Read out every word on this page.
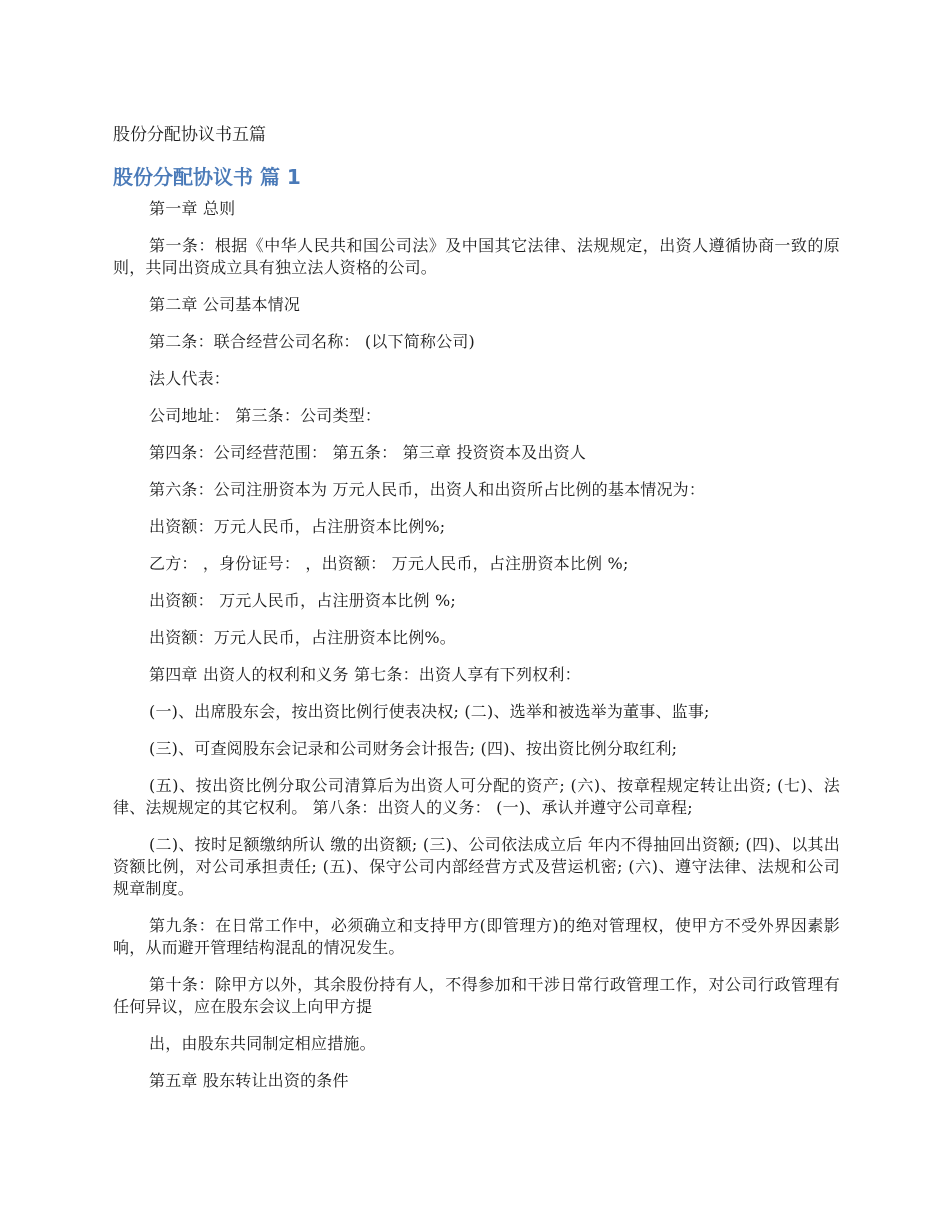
股份分配协议书五篇
股份分配协议书 篇 1

第一章 总则

第一条：根据《中华人民共和国公司法》及中国其它法律、法规规定，出资人遵循协商一致的原则，共同出资成立具有独立法人资格的公司。

第二章 公司基本情况

第二条：联合经营公司名称： (以下简称公司)

法人代表：

公司地址： 第三条：公司类型：

第四条：公司经营范围： 第五条： 第三章 投资资本及出资人

第六条：公司注册资本为 万元人民币，出资人和出资所占比例的基本情况为：

出资额：万元人民币，占注册资本比例%;

乙方： ，身份证号： ，出资额： 万元人民币，占注册资本比例 %;

出资额： 万元人民币，占注册资本比例 %;

出资额：万元人民币，占注册资本比例%。

第四章 出资人的权利和义务 第七条：出资人享有下列权利：

(一)、出席股东会，按出资比例行使表决权; (二)、选举和被选举为董事、监事;

(三)、可查阅股东会记录和公司财务会计报告; (四)、按出资比例分取红利;

(五)、按出资比例分取公司清算后为出资人可分配的资产; (六)、按章程规定转让出资; (七)、法律、法规规定的其它权利。 第八条：出资人的义务： (一)、承认并遵守公司章程;

(二)、按时足额缴纳所认 缴的出资额; (三)、公司依法成立后 年内不得抽回出资额; (四)、以其出资额比例，对公司承担责任; (五)、保守公司内部经营方式及营运机密; (六)、遵守法律、法规和公司规章制度。

第九条：在日常工作中，必须确立和支持甲方(即管理方)的绝对管理权，使甲方不受外界因素影响，从而避开管理结构混乱的情况发生。

第十条：除甲方以外，其余股份持有人，不得参加和干涉日常行政管理工作，对公司行政管理有任何异议，应在股东会议上向甲方提

出，由股东共同制定相应措施。

第五章 股东转让出资的条件
